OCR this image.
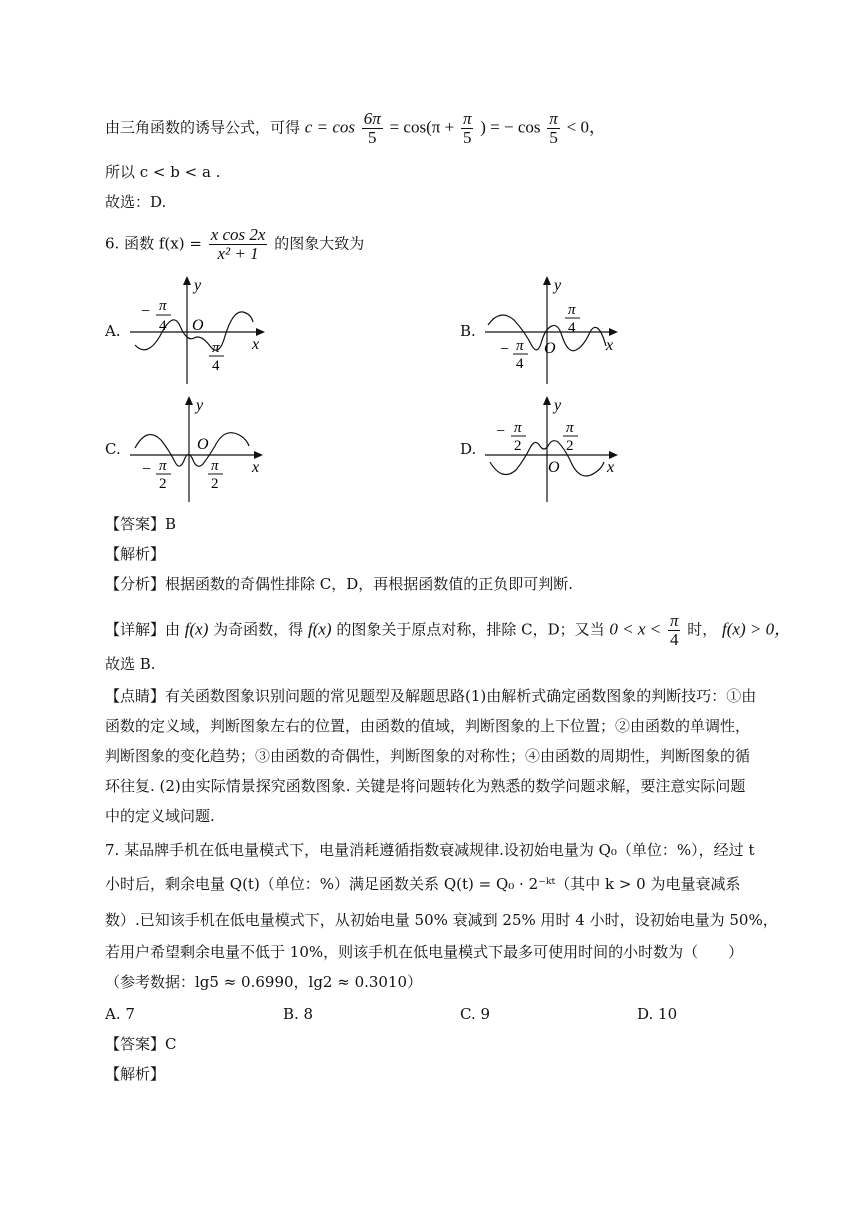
由三角函数的诱导公式，可得 $c = \cos \frac{6\pi}{5} = \cos(\pi + \frac{\pi}{5}$ ) = − $\cos \frac{\pi}{5} < 0$，
所以 c < b < a .
故选：D.
6. 函数 $f(x) = \frac{\text{x cos 2x}}{\text{x² + 1}}$ 的图象大致为
A.
− π
4 O
π
4
x
y
B.
π
4
− π
4
O	x
y
C.	O
− π
2
π
2
x
y
D.
− π
2
π
2
O	x
y
【答案】B
【解析】
【分析】根据函数的奇偶性排除 C，D，再根据函数值的正负即可判断.
【详解】由 f(x) 为奇函数，得 f(x) 的图象关于原点对称，排除 C，D；又当 $0 < x < \frac{\pi}{4}$ 时， f(x) > 0，
故选 B.
【点睛】有关函数图象识别问题的常见题型及解题思路(1)由解析式确定函数图象的判断技巧：①由
函数的定义域，判断图象左右的位置，由函数的值域，判断图象的上下位置；②由函数的单调性，
判断图象的变化趋势；③由函数的奇偶性，判断图象的对称性；④由函数的周期性，判断图象的循
环往复. (2)由实际情景探究函数图象. 关键是将问题转化为熟悉的数学问题求解，要注意实际问题
中的定义域问题.
7. 某品牌手机在低电量模式下，电量消耗遵循指数衰减规律.设初始电量为 Q₀（单位：%），经过 t
小时后，剩余电量 Q(t)（单位：%）满足函数关系 Q(t) = Q₀ · 2⁻ᵏᵗ（其中 k > 0 为电量衰减系
数）.已知该手机在低电量模式下，从初始电量 50% 衰减到 25% 用时 4 小时，设初始电量为 50%，
若用户希望剩余电量不低于 10%，则该手机在低电量模式下最多可使用时间的小时数为（　　）
（参考数据：lg5 ≈ 0.6990，lg2 ≈ 0.3010）
A. 7	B. 8	C. 9	D. 10
【答案】C
【解析】
